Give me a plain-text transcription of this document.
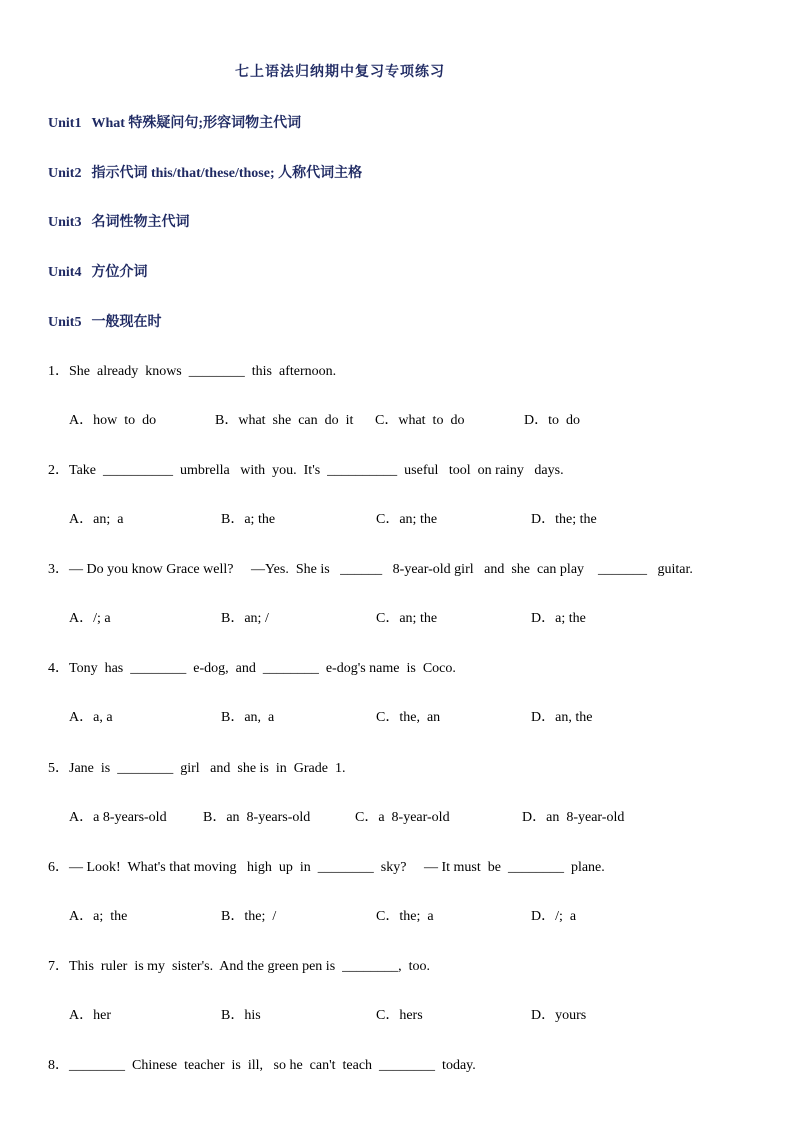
七上语法归纳期中复习专项练习
Unit1 What 特殊疑问句;形容词物主代词
Unit2 指示代词 this/that/these/those; 人称代词主格
Unit3 名词性物主代词
Unit4 方位介词
Unit5 一般现在时
1．She  already  knows  ________  this  afternoon.
A．how  to  do	B．what  she  can  do  it C．what  to  do	D．to  do
2．Take  __________  umbrella   with  you.  It's  __________  useful   tool  on rainy   days.
A．an;  a	B．a; the	C．an; the	D．the; the
3．— Do you know Grace well?     —Yes.  She is   ______   8-year-old girl   and  she  can play    _______   guitar.
A．/; a	B．an; /	C．an; the	D．a; the
4．Tony  has  ________  e-dog,  and  ________  e-dog's name  is  Coco.
A．a, a	B．an,  a	C．the,  an	D．an, the
5．Jane  is  ________  girl   and  she is  in  Grade  1.
A．a 8-years-old	B．an  8-years-old	C．a  8-year-old	D．an  8-year-old
6．— Look!  What's that moving   high  up  in  ________  sky?     — It must  be  ________  plane.
A．a;  the	B．the;  /	C．the;  a	D．/;  a
7．This  ruler  is my  sister's.  And the green pen is  ________,  too.
A．her	B．his	C．hers	D．yours
8．________  Chinese  teacher  is  ill,   so he  can't  teach  ________  today.
